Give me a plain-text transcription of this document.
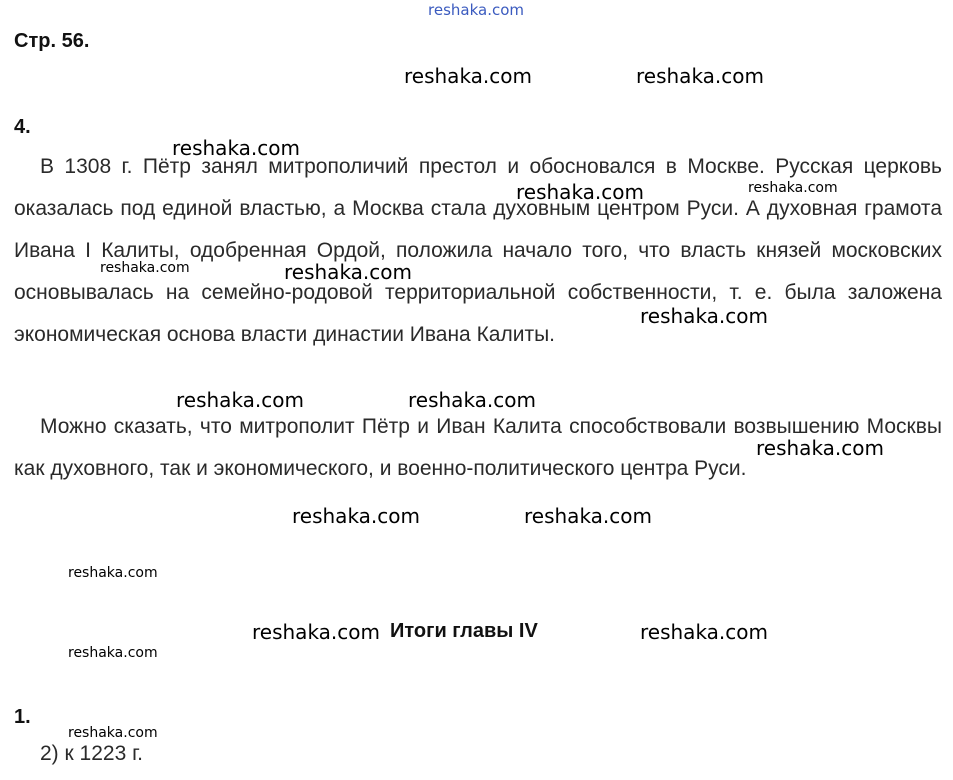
Стр. 56.
4.

В 1308 г. Пётр занял митрополичий престол и обосновался в Москве. Русская церковь оказалась под единой властью, а Москва стала духовным центром Руси. А духовная грамота Ивана I Калиты, одобренная Ордой, положила начало того, что власть князей московских основывалась на семейно-родовой территориальной собственности, т. е. была заложена экономическая основа власти династии Ивана Калиты.

Можно сказать, что митрополит Пётр и Иван Калита способствовали возвышению Москвы как духовного, так и экономического, и военно-политического центра Руси.

Итоги главы IV
1.
2) к 1223 г.
reshaka.com
reshaka.com	reshaka.com
reshaka.com
reshaka.com	reshaka.com
reshaka.com	reshaka.com
reshaka.com
reshaka.com	reshaka.com
reshaka.com
reshaka.com	reshaka.com
reshaka.com
reshaka.com	reshaka.com
reshaka.com
reshaka.com
